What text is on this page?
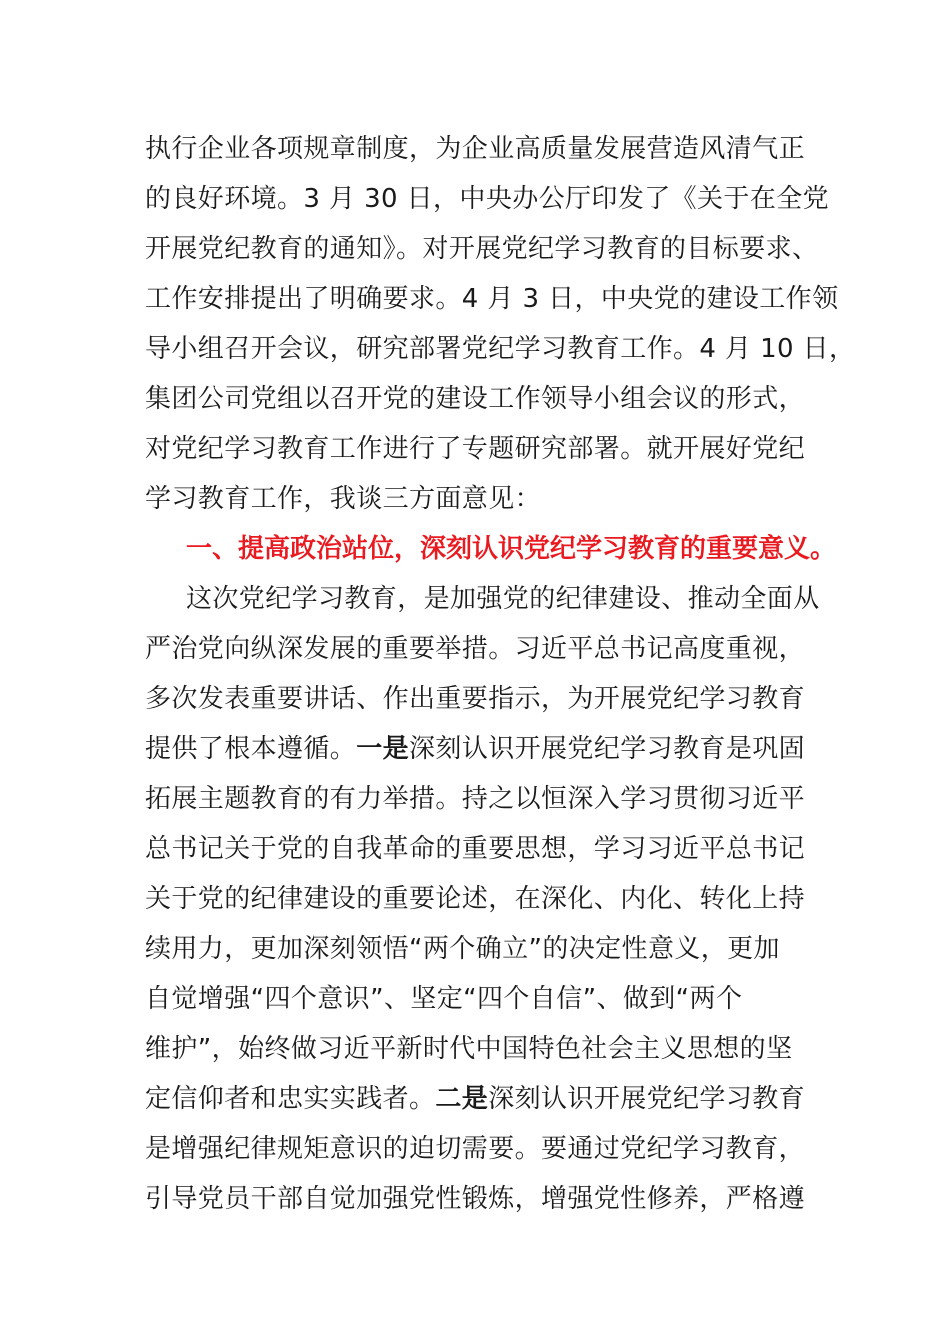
执行企业各项规章制度，为企业高质量发展营造风清气正
的良好环境。3 月 30 日，中央办公厅印发了《关于在全党
开展党纪教育的通知》。对开展党纪学习教育的目标要求、
工作安排提出了明确要求。4 月 3 日，中央党的建设工作领
导小组召开会议，研究部署党纪学习教育工作。4 月 10 日，
集团公司党组以召开党的建设工作领导小组会议的形式，
对党纪学习教育工作进行了专题研究部署。就开展好党纪
学习教育工作，我谈三方面意见：
一、提高政治站位，深刻认识党纪学习教育的重要意义。
这次党纪学习教育，是加强党的纪律建设、推动全面从
严治党向纵深发展的重要举措。习近平总书记高度重视，
多次发表重要讲话、作出重要指示，为开展党纪学习教育
提供了根本遵循。一是深刻认识开展党纪学习教育是巩固
拓展主题教育的有力举措。持之以恒深入学习贯彻习近平
总书记关于党的自我革命的重要思想，学习习近平总书记
关于党的纪律建设的重要论述，在深化、内化、转化上持
续用力，更加深刻领悟“两个确立”的决定性意义，更加
自觉增强“四个意识”、坚定“四个自信”、做到“两个
维护”，始终做习近平新时代中国特色社会主义思想的坚
定信仰者和忠实实践者。二是深刻认识开展党纪学习教育
是增强纪律规矩意识的迫切需要。要通过党纪学习教育，
引导党员干部自觉加强党性锻炼，增强党性修养，严格遵
